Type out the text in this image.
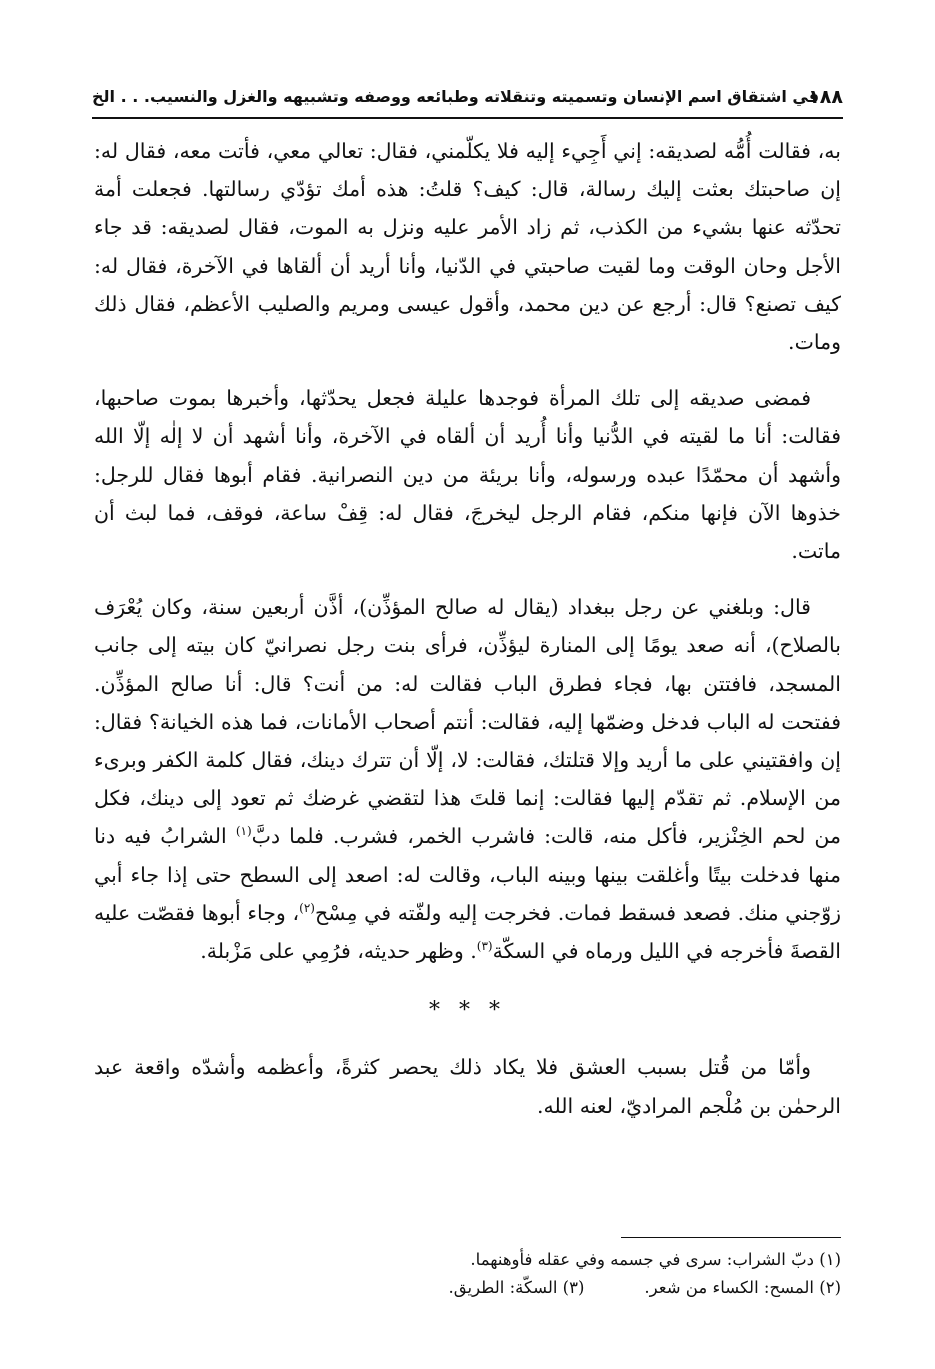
١٨٨
في اشتقاق اسم الإنسان وتسميته وتنقلاته وطبائعه ووصفه وتشبيهه والغزل والنسيب. . . الخ

به، فقالت أُمُّه لصديقه: إني أَجِيء إليه فلا يكلّمني، فقال: تعالي معي، فأتت معه، فقال له: إن صاحبتك بعثت إليك رسالة، قال: كيف؟ قلتُ: هذه أمك تؤدّي رسالتها. فجعلت أمة تحدّثه عنها بشيء من الكذب، ثم زاد الأمر عليه ونزل به الموت، فقال لصديقه: قد جاء الأجل وحان الوقت وما لقيت صاحبتي في الدّنيا، وأنا أريد أن ألقاها في الآخرة، فقال له: كيف تصنع؟ قال: أرجع عن دين محمد، وأقول عيسى ومريم والصليب الأعظم، فقال ذلك ومات.

فمضى صديقه إلى تلك المرأة فوجدها عليلة فجعل يحدّثها، وأخبرها بموت صاحبها، فقالت: أنا ما لقيته في الدُّنيا وأنا أُريد أن ألقاه في الآخرة، وأنا أشهد أن لا إلٰه إلّا الله وأشهد أن محمّدًا عبده ورسوله، وأنا بريئة من دين النصرانية. فقام أبوها فقال للرجل: خذوها الآن فإنها منكم، فقام الرجل ليخرجَ، فقال له: قِفْ ساعة، فوقف، فما لبث أن ماتت.

قال: وبلغني عن رجل ببغداد (يقال له صالح المؤذِّن)، أذَّن أربعين سنة، وكان يُعْرَف بالصلاح)، أنه صعد يومًا إلى المنارة ليؤذِّن، فرأى بنت رجل نصرانيّ كان بيته إلى جانب المسجد، فافتتن بها، فجاء فطرق الباب فقالت له: من أنت؟ قال: أنا صالح المؤذِّن. ففتحت له الباب فدخل وضمّها إليه، فقالت: أنتم أصحاب الأمانات، فما هذه الخيانة؟ فقال: إن وافقتيني على ما أريد وإلا قتلتك، فقالت: لا، إلّا أن تترك دينك، فقال كلمة الكفر وبرىء من الإسلام. ثم تقدّم إليها فقالت: إنما قلتَ هذا لتقضي غرضك ثم تعود إلى دينك، فكل من لحم الخِنْزير، فأكل منه، قالت: فاشرب الخمر، فشرب. فلما دبَّ$^{(١)}$ الشرابُ فيه دنا منها فدخلت بيتًا وأغلقت بينها وبينه الباب، وقالت له: اصعد إلى السطح حتى إذا جاء أبي زوّجني منك. فصعد فسقط فمات. فخرجت إليه ولفّته في مِسْح$^{(٢)}$، وجاء أبوها فقصّت عليه القصةَ فأخرجه في الليل ورماه في السكّة$^{(٣)}$. وظهر حديثه، فرُمِي على مَزْبلة.

* * *

وأمّا من قُتل بسبب العشق فلا يكاد ذلك يحصر كثرةً، وأعظمه وأشدّه واقعة عبد الرحمٰن بن مُلْجم المراديّ، لعنه الله.

(١) دبّ الشراب: سرى في جسمه وفي عقله فأوهنهما.
(٢) المسح: الكساء من شعر.(٣) السكّة: الطريق.
